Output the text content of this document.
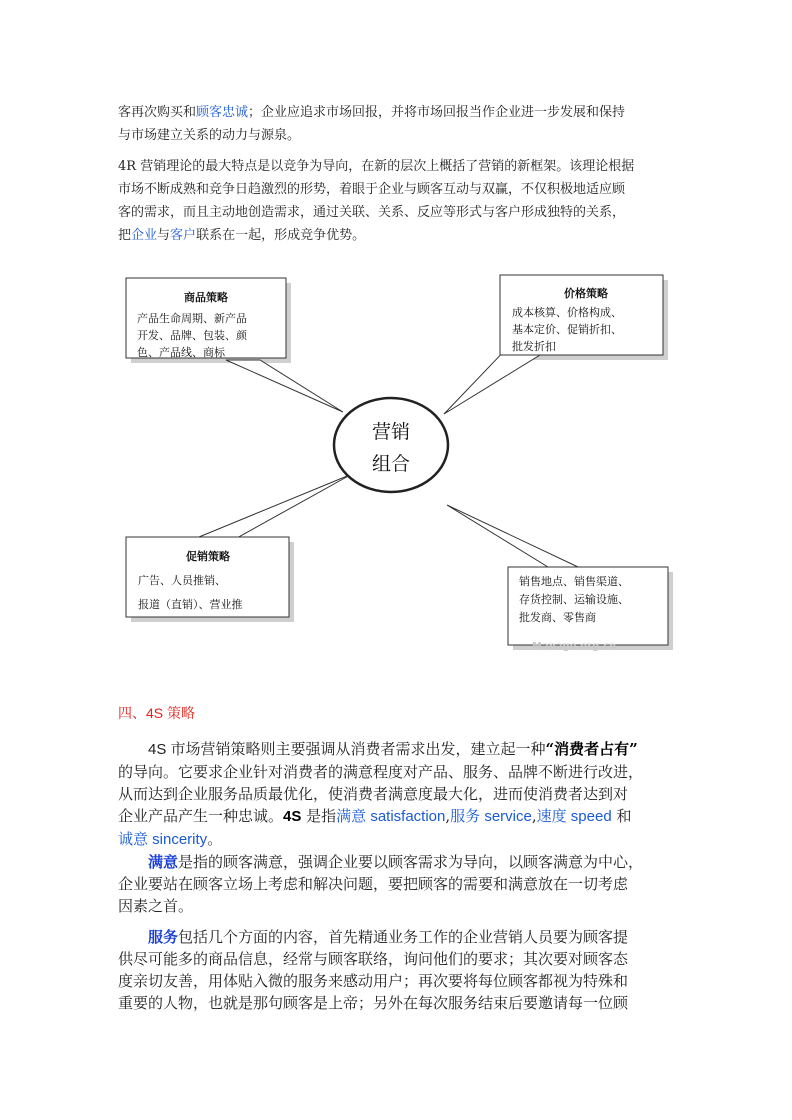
客再次购买和顾客忠诚；企业应追求市场回报，并将市场回报当作企业进一步发展和保持
与市场建立关系的动力与源泉。
4R 营销理论的最大特点是以竞争为导向，在新的层次上概括了营销的新框架。该理论根据
市场不断成熟和竞争日趋激烈的形势，着眼于企业与顾客互动与双赢，不仅积极地适应顾
客的需求，而且主动地创造需求，通过关联、关系、反应等形式与客户形成独特的关系，
把企业与客户联系在一起，形成竞争优势。
营销
组合
商品策略
产品生命周期、新产品
开发、品牌、包装、颜
色、产品线、商标
价格策略
成本核算、价格构成、
基本定价、促销折扣、
批发折扣
促销策略
广告、人员推销、
报道（直销）、营业推
销售地点、销售渠道、
存货控制、运输设施、
批发商、零售商
Manage.org.cn
四、4S 策略
4S 市场营销策略则主要强调从消费者需求出发，建立起一种“消费者占有”
的导向。它要求企业针对消费者的满意程度对产品、服务、品牌不断进行改进，
从而达到企业服务品质最优化，使消费者满意度最大化，进而使消费者达到对
企业产品产生一种忠诚。4S 是指满意 satisfaction,服务 service,速度 speed 和
诚意 sincerity。
满意是指的顾客满意，强调企业要以顾客需求为导向，以顾客满意为中心，
企业要站在顾客立场上考虑和解决问题，要把顾客的需要和满意放在一切考虑
因素之首。
服务包括几个方面的内容，首先精通业务工作的企业营销人员要为顾客提
供尽可能多的商品信息，经常与顾客联络，询问他们的要求；其次要对顾客态
度亲切友善，用体贴入微的服务来感动用户；再次要将每位顾客都视为特殊和
重要的人物，也就是那句顾客是上帝；另外在每次服务结束后要邀请每一位顾
